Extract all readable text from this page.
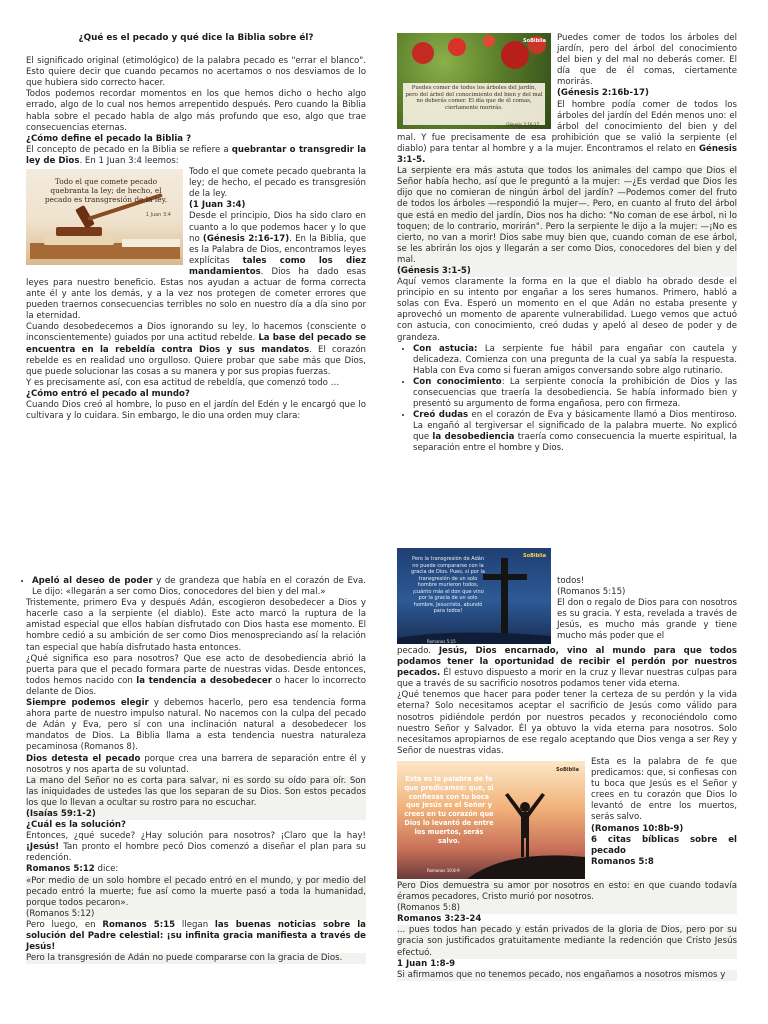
¿Qué es el pecado y qué dice la Biblia sobre él?

El significado original (etimológico) de la palabra pecado es "errar el blanco". Esto quiere decir que cuando pecamos no acertamos o nos desviamos de lo que hubiera sido correcto hacer.

Todos podemos recordar momentos en los que hemos dicho o hecho algo errado, algo de lo cual nos hemos arrepentido después. Pero cuando la Biblia habla sobre el pecado habla de algo más profundo que eso, algo que trae consecuencias eternas.

¿Cómo define el pecado la Biblia ?

El concepto de pecado en la Biblia se refiere a quebrantar o transgredir la ley de Dios. En 1 Juan 3:4 leemos:

Todo el que comete pecado quebranta la ley; de hecho, el pecado es transgresión de la ley.
1 Juan 3:4

Todo el que comete pecado quebranta la ley; de hecho, el pecado es transgresión de la ley.
(1 Juan 3:4)

Desde el principio, Dios ha sido claro en cuanto a lo que podemos hacer y lo que no (Génesis 2:16-17). En la Biblia, que es la Palabra de Dios, encontramos leyes explícitas tales como los diez mandamientos. Dios ha dado esas leyes para nuestro beneficio. Estas nos ayudan a actuar de forma correcta ante él y ante los demás, y a la vez nos protegen de cometer errores que pueden traernos consecuencias terribles no solo en nuestro día a día sino por la eternidad.

Cuando desobedecemos a Dios ignorando su ley, lo hacemos (consciente o inconscientemente) guiados por una actitud rebelde. La base del pecado se encuentra en la rebeldía contra Dios y sus mandatos. El corazón rebelde es en realidad uno orgulloso. Quiere probar que sabe más que Dios, que puede solucionar las cosas a su manera y por sus propias fuerzas.

Y es precisamente así, con esa actitud de rebeldía, que comenzó todo …

¿Cómo entró el pecado al mundo?

Cuando Dios creó al hombre, lo puso en el jardín del Edén y le encargó que lo cultivara y lo cuidara. Sin embargo, le dio una orden muy clara:

SoBiblia
Puedes comer de todos los árboles del jardín, pero del árbol del conocimiento del bien y del mal no deberás comer. El día que de él comas, ciertamente morirás.
Génesis 2:16-17

Puedes comer de todos los árboles del jardín, pero del árbol del conocimiento del bien y del mal no deberás comer. El día que de él comas, ciertamente morirás.
(Génesis 2:16b-17)

El hombre podía comer de todos los árboles del jardín del Edén menos uno: el árbol del conocimiento del bien y del mal. Y fue precisamente de esa prohibición que se valió la serpiente (el diablo) para tentar al hombre y a la mujer. Encontramos el relato en Génesis 3:1-5.

La serpiente era más astuta que todos los animales del campo que Dios el Señor había hecho, así que le preguntó a la mujer: —¿Es verdad que Dios les dijo que no comieran de ningún árbol del jardín? —Podemos comer del fruto de todos los árboles —respondió la mujer—. Pero, en cuanto al fruto del árbol que está en medio del jardín, Dios nos ha dicho: "No coman de ese árbol, ni lo toquen; de lo contrario, morirán". Pero la serpiente le dijo a la mujer: —¡No es cierto, no van a morir! Dios sabe muy bien que, cuando coman de ese árbol, se les abrirán los ojos y llegarán a ser como Dios, conocedores del bien y del mal.
(Génesis 3:1-5)

Aquí vemos claramente la forma en la que el diablo ha obrado desde el principio en su intento por engañar a los seres humanos. Primero, habló a solas con Eva. Esperó un momento en el que Adán no estaba presente y aprovechó un momento de aparente vulnerabilidad. Luego vemos que actuó con astucia, con conocimiento, creó dudas y apeló al deseo de poder y de grandeza.

• Con astucia: La serpiente fue hábil para engañar con cautela y delicadeza. Comienza con una pregunta de la cual ya sabía la respuesta. Habla con Eva como si fueran amigos conversando sobre algo rutinario.
• Con conocimiento: La serpiente conocía la prohibición de Dios y las consecuencias que traería la desobediencia. Se había informado bien y presentó su argumento de forma engañosa, pero con firmeza.
• Creó dudas en el corazón de Eva y básicamente llamó a Dios mentiroso. La engañó al tergiversar el significado de la palabra muerte. No explicó que la desobediencia traería como consecuencia la muerte espiritual, la separación entre el hombre y Dios.
• Apeló al deseo de poder y de grandeza que había en el corazón de Eva. Le dijo: «llegarán a ser como Dios, conocedores del bien y del mal.»

Tristemente, primero Eva y después Adán, escogieron desobedecer a Dios y hacerle caso a la serpiente (el diablo). Este acto marcó la ruptura de la amistad especial que ellos habían disfrutado con Dios hasta ese momento. El hombre cedió a su ambición de ser como Dios menospreciando así la relación tan especial que había disfrutado hasta entonces.

¿Qué significa eso para nosotros? Que ese acto de desobediencia abrió la puerta para que el pecado formara parte de nuestras vidas. Desde entonces, todos hemos nacido con la tendencia a desobedecer o hacer lo incorrecto delante de Dios.

Siempre podemos elegir y debemos hacerlo, pero esa tendencia forma ahora parte de nuestro impulso natural. No nacemos con la culpa del pecado de Adán y Eva, pero sí con una inclinación natural a desobedecer los mandatos de Dios. La Biblia llama a esta tendencia nuestra naturaleza pecaminosa (Romanos 8).

Dios detesta el pecado porque crea una barrera de separación entre él y nosotros y nos aparta de su voluntad.

La mano del Señor no es corta para salvar, ni es sordo su oído para oír. Son las iniquidades de ustedes las que los separan de su Dios. Son estos pecados los que lo llevan a ocultar su rostro para no escuchar.
(Isaías 59:1-2)

¿Cuál es la solución?

Entonces, ¿qué sucede? ¿Hay solución para nosotros? ¡Claro que la hay! ¡Jesús! Tan pronto el hombre pecó Dios comenzó a diseñar el plan para su redención.

Romanos 5:12 dice:

«Por medio de un solo hombre el pecado entró en el mundo, y por medio del pecado entró la muerte; fue así como la muerte pasó a toda la humanidad, porque todos pecaron».
(Romanos 5:12)

Pero luego, en Romanos 5:15 llegan las buenas noticias sobre la solución del Padre celestial: ¡su infinita gracia manifiesta a través de Jesús!

Pero la transgresión de Adán no puede compararse con la gracia de Dios.

SoBiblia
Pero la transgresión de Adán no puede compararse con la gracia de Dios. Pues, si por la transgresión de un solo hombre murieron todos, ¡cuánto más el don que vino por la gracia de un solo hombre, Jesucristo, abundó para todos!
Romanos 5:15

todos!
(Romanos 5:15)

El don o regalo de Dios para con nosotros es su gracia. Y esta, revelada a través de Jesús, es mucho más grande y tiene mucho más poder que el

pecado. Jesús, Dios encarnado, vino al mundo para que todos podamos tener la oportunidad de recibir el perdón por nuestros pecados. Él estuvo dispuesto a morir en la cruz y llevar nuestras culpas para que a través de su sacrificio nosotros podamos tener vida eterna.

¿Qué tenemos que hacer para poder tener la certeza de su perdón y la vida eterna? Solo necesitamos aceptar el sacrificio de Jesús como válido para nosotros pidiéndole perdón por nuestros pecados y reconociéndolo como nuestro Señor y Salvador. Él ya obtuvo la vida eterna para nosotros. Solo necesitamos apropiarnos de ese regalo aceptando que Dios venga a ser Rey y Señor de nuestras vidas.

SoBiblia
Esta es la palabra de fe que predicamos: que, si confiesas con tu boca que Jesús es el Señor y crees en tu corazón que Dios lo levantó de entre los muertos, serás salvo.
Romanos 10:8-9

Esta es la palabra de fe que predicamos: que, si confiesas con tu boca que Jesús es el Señor y crees en tu corazón que Dios lo levantó de entre los muertos, serás salvo.
(Romanos 10:8b-9)

6 citas bíblicas sobre el pecado
Romanos 5:8

Pero Dios demuestra su amor por nosotros en esto: en que cuando todavía éramos pecadores, Cristo murió por nosotros.
(Romanos 5:8)

Romanos 3:23-24

... pues todos han pecado y están privados de la gloria de Dios, pero por su gracia son justificados gratuitamente mediante la redención que Cristo Jesús efectuó.

1 Juan 1:8-9

Si afirmamos que no tenemos pecado, nos engañamos a nosotros mismos y
